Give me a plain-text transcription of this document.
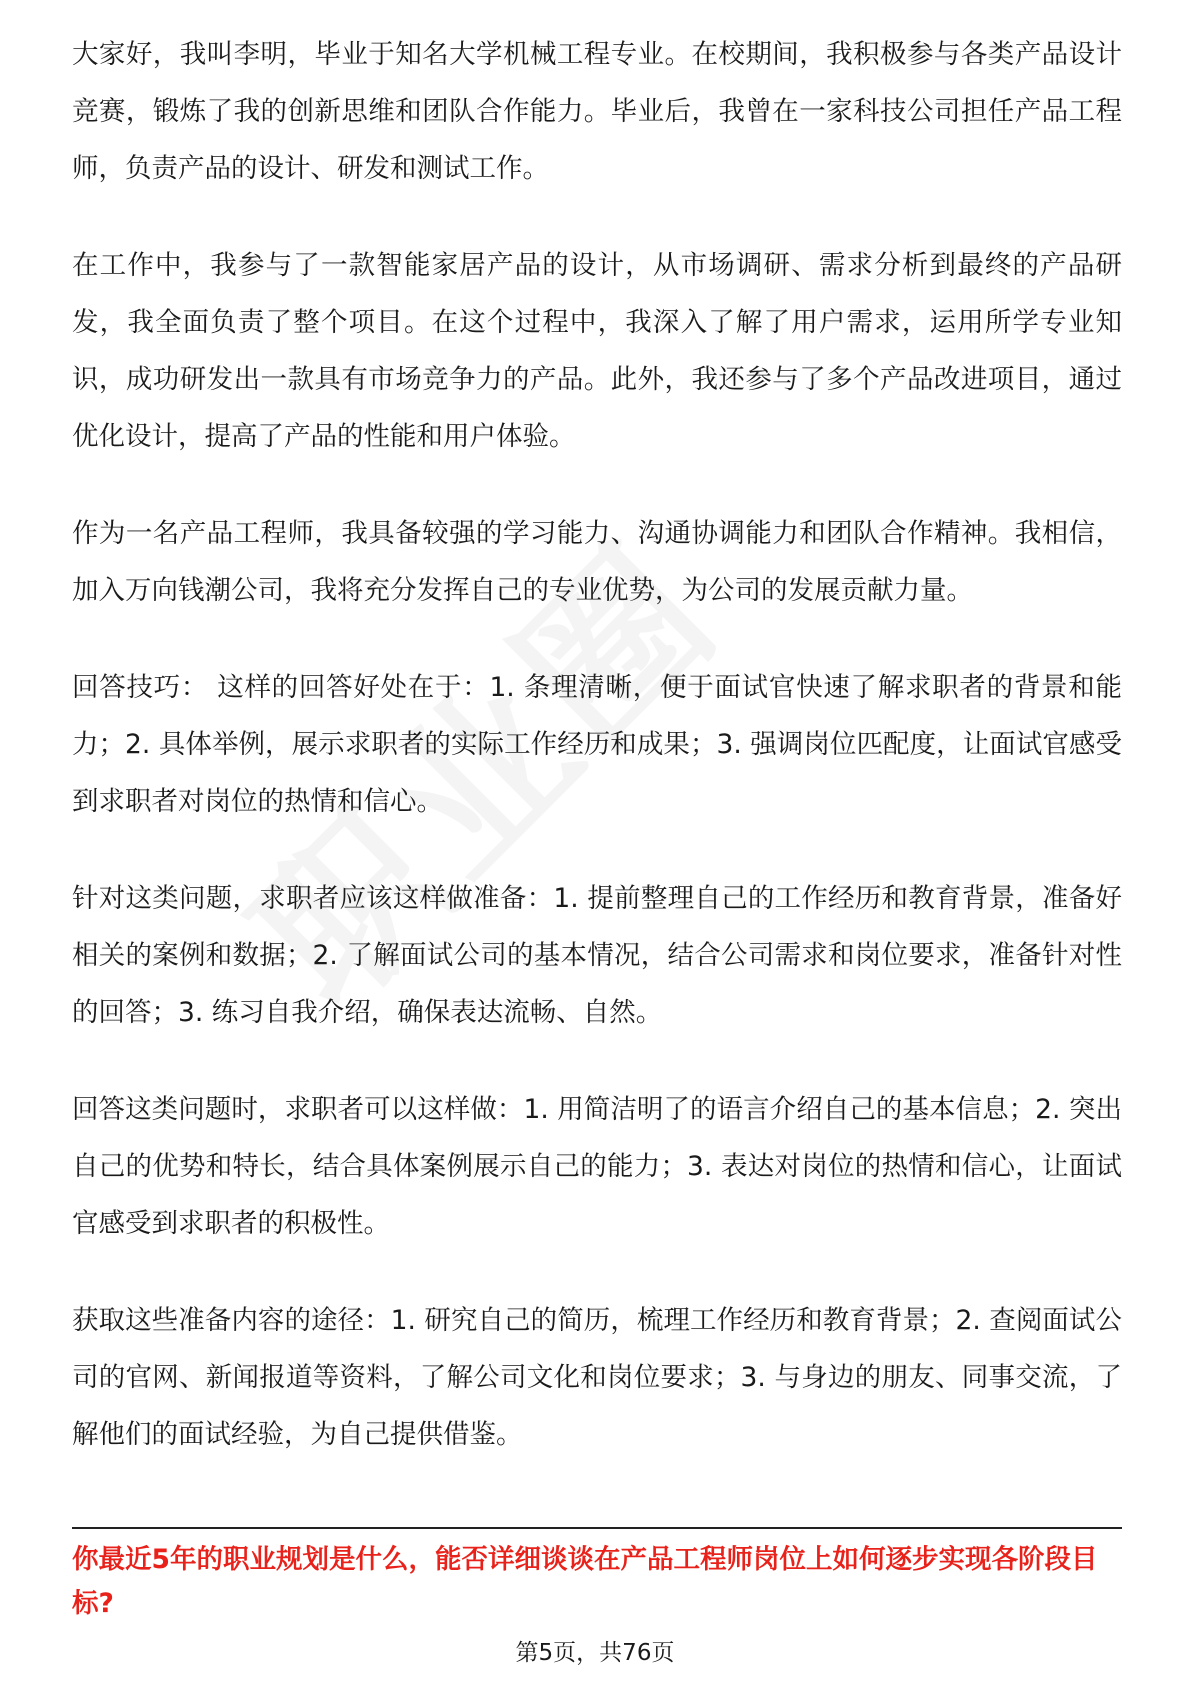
大家好，我叫李明，毕业于知名大学机械工程专业。在校期间，我积极参与各类产品设计竞赛，锻炼了我的创新思维和团队合作能力。毕业后，我曾在一家科技公司担任产品工程师，负责产品的设计、研发和测试工作。

在工作中，我参与了一款智能家居产品的设计，从市场调研、需求分析到最终的产品研发，我全面负责了整个项目。在这个过程中，我深入了解了用户需求，运用所学专业知识，成功研发出一款具有市场竞争力的产品。此外，我还参与了多个产品改进项目，通过优化设计，提高了产品的性能和用户体验。

作为一名产品工程师，我具备较强的学习能力、沟通协调能力和团队合作精神。我相信，加入万向钱潮公司，我将充分发挥自己的专业优势，为公司的发展贡献力量。

回答技巧： 这样的回答好处在于：1. 条理清晰，便于面试官快速了解求职者的背景和能力；2. 具体举例，展示求职者的实际工作经历和成果；3. 强调岗位匹配度，让面试官感受到求职者对岗位的热情和信心。

针对这类问题，求职者应该这样做准备：1. 提前整理自己的工作经历和教育背景，准备好相关的案例和数据；2. 了解面试公司的基本情况，结合公司需求和岗位要求，准备针对性的回答；3. 练习自我介绍，确保表达流畅、自然。

回答这类问题时，求职者可以这样做：1. 用简洁明了的语言介绍自己的基本信息；2. 突出自己的优势和特长，结合具体案例展示自己的能力；3. 表达对岗位的热情和信心，让面试官感受到求职者的积极性。

获取这些准备内容的途径：1. 研究自己的简历，梳理工作经历和教育背景；2. 查阅面试公司的官网、新闻报道等资料，了解公司文化和岗位要求；3. 与身边的朋友、同事交流，了解他们的面试经验，为自己提供借鉴。

你最近5年的职业规划是什么，能否详细谈谈在产品工程师岗位上如何逐步实现各阶段目标?
第5页，共76页
